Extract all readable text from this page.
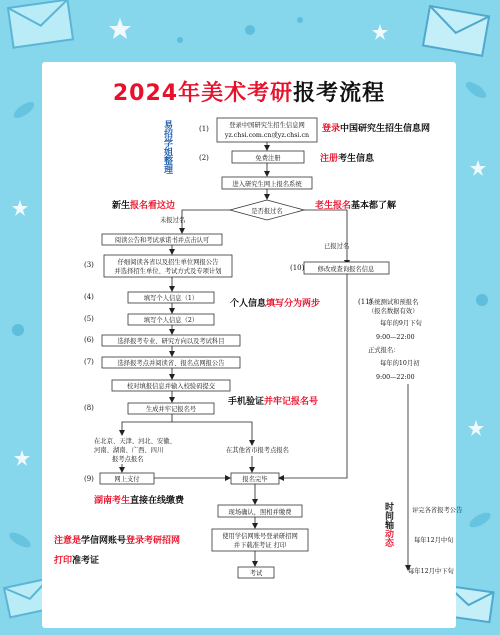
2024年美术考研报考流程
易招学姐整理	(1)	登录中国研究生招生信息网
yz.chsi.com.cn或yz.chsi.cn
登录中国研究生招生信息网
(2)	免费注册	注册考生信息
进入研究生网上报名系统
是否报过名
新生报名看这边	老生报名基本都了解
未报过名
已报过名
阅读公告和考试承诺书并点击认可
(3)	仔细阅读各省以及招生单位网报公告
并选择招生单位、考试方式及专项计划	(10) 修改或查询报名信息
(4)	填写个人信息（1）
个人信息填写分为两步
(5)	填写个人信息（2）
(6)	选择报考专业、研究方向以及考试科目
(7)	选择报考点并阅读省、报名点网报公告
校对填报信息并输入校验码提交
(8)	生成并牢记报名号
手机验证并牢记报名号
在北京、天津、河北、安徽、
河南、湖南、广西、四川
报考点报名
在其他省市报考点报名
(9)	网上支付	报名完毕
湖南考生直接在线缴费
现场确认，照相并缴费
使用学信网账号登录研招网
并下载准考证 打印
注意是学信网账号登录考研招网
打印准考证
考试
(11)
系统测试和预报名
（报名数据有效）
每年的9月下旬
9:00—22:00
正式报名：
每年的10月初
9:00—22:00
时间轴动态
评完各省报考公告
每年12月中旬
每年12月中下旬
